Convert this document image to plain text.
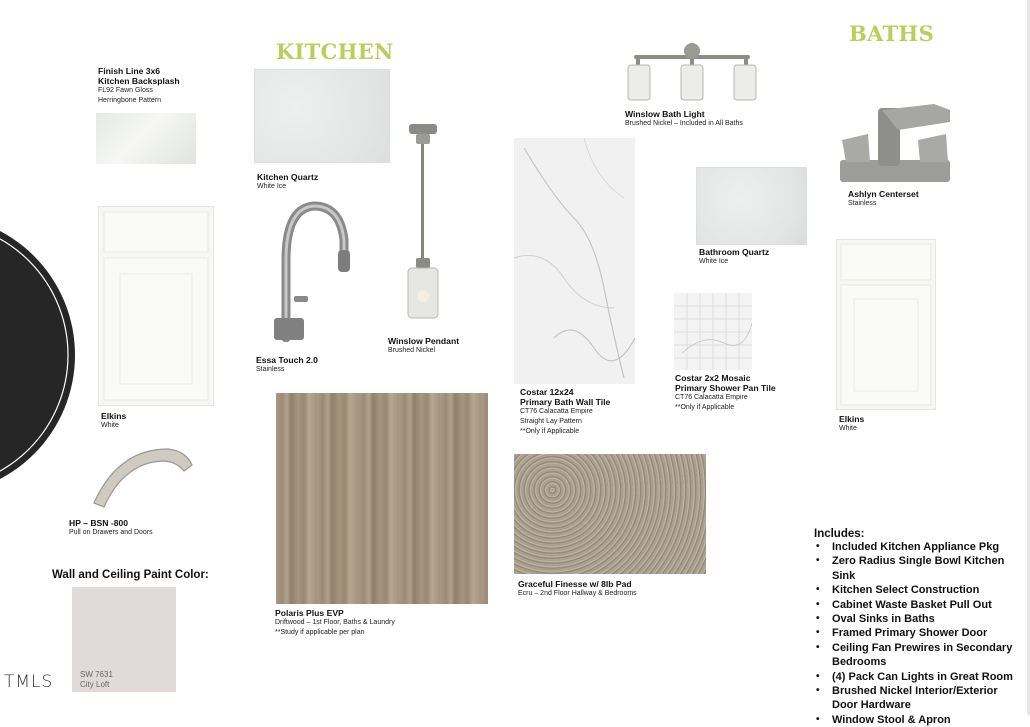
KITCHEN
BATHS
Finish Line 3x6
Kitchen Backsplash
FL92 Fawn Gloss
Herringbone Pattern
Kitchen Quartz
White Ice
Elkins
White
Essa Touch 2.0
Stainless
Winslow Pendant
Brushed Nickel
HP – BSN -800
Pull on Drawers and Doors
Wall and Ceiling Paint Color:
SW 7631
City Loft
TMLS
Polaris Plus EVP
Driftwood – 1st Floor, Baths & Laundry
**Study if applicable per plan
Winslow Bath Light
Brushed Nickel – Included in All Baths
Costar 12x24
Primary Bath Wall Tile
CT76 Calacatta Empire
Straight Lay Pattern
**Only if Applicable
Graceful Finesse w/ 8lb Pad
Ecru – 2nd Floor Hallway & Bedrooms
Bathroom Quartz
White Ice
Costar 2x2 Mosaic
Primary Shower Pan Tile
CT76 Calacatta Empire
**Only if Applicable
Ashlyn Centerset
Stainless
Elkins
White
Includes:
• Included Kitchen Appliance Pkg
• Zero Radius Single Bowl Kitchen Sink
• Kitchen Select Construction
• Cabinet Waste Basket Pull Out
• Oval Sinks in Baths
• Framed Primary Shower Door
• Ceiling Fan Prewires in Secondary Bedrooms
• (4) Pack Can Lights in Great Room
• Brushed Nickel Interior/Exterior Door Hardware
• Window Stool & Apron
